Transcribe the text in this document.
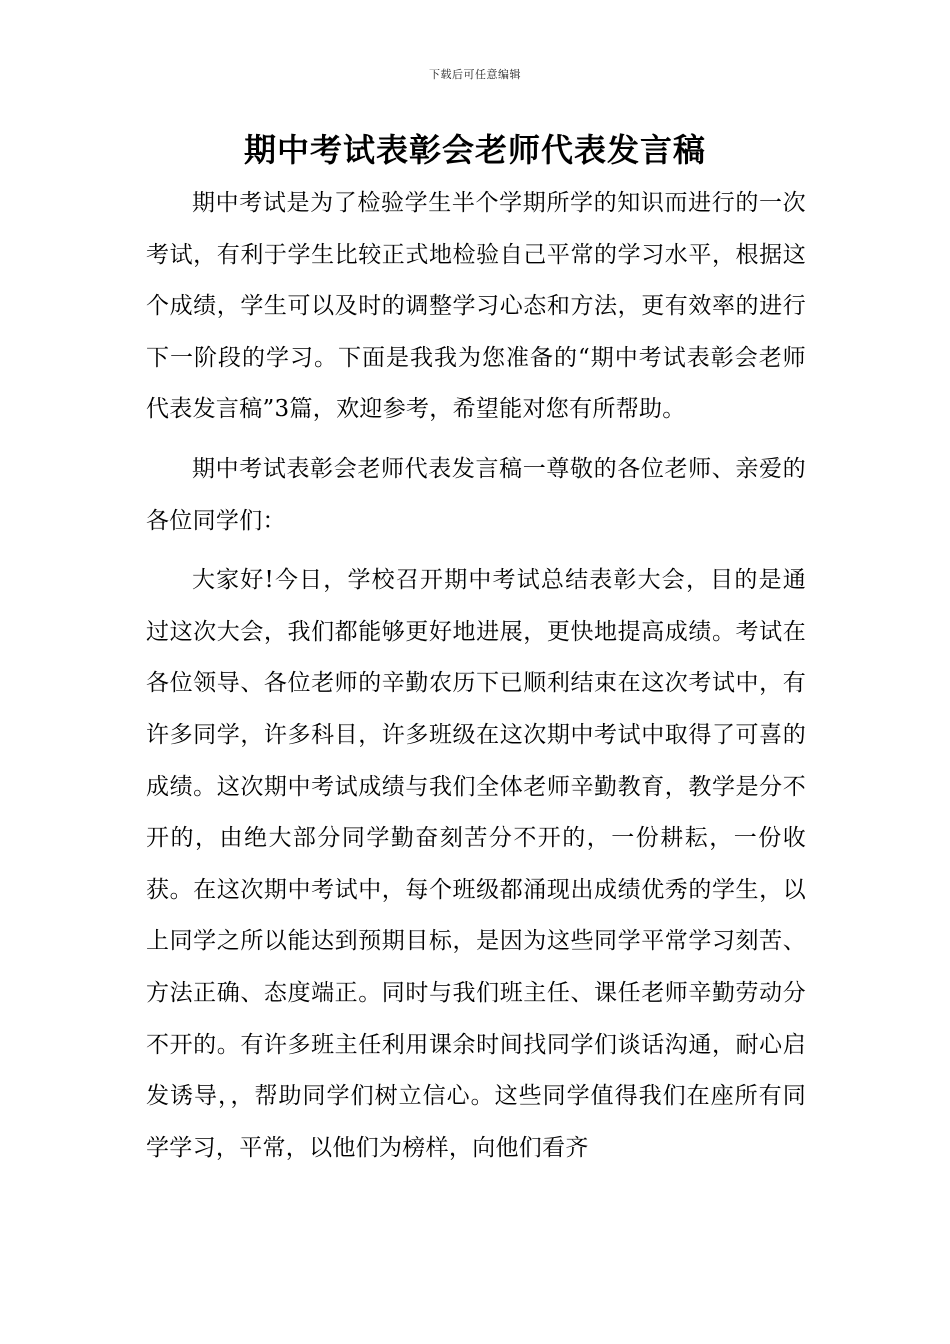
下载后可任意编辑
期中考试表彰会老师代表发言稿

期中考试是为了检验学生半个学期所学的知识而进行的一次考试，有利于学生比较正式地检验自己平常的学习水平，根据这个成绩，学生可以及时的调整学习心态和方法，更有效率的进行下一阶段的学习。下面是我我为您准备的“期中考试表彰会老师代表发言稿”3篇，欢迎参考，希望能对您有所帮助。

期中考试表彰会老师代表发言稿一尊敬的各位老师、亲爱的各位同学们：

大家好!今日，学校召开期中考试总结表彰大会，目的是通过这次大会，我们都能够更好地进展，更快地提高成绩。考试在各位领导、各位老师的辛勤农历下已顺利结束在这次考试中，有许多同学，许多科目，许多班级在这次期中考试中取得了可喜的成绩。这次期中考试成绩与我们全体老师辛勤教育，教学是分不开的，由绝大部分同学勤奋刻苦分不开的，一份耕耘，一份收获。在这次期中考试中，每个班级都涌现出成绩优秀的学生，以上同学之所以能达到预期目标，是因为这些同学平常学习刻苦、方法正确、态度端正。同时与我们班主任、课任老师辛勤劳动分不开的。有许多班主任利用课余时间找同学们谈话沟通，耐心启发诱导，，帮助同学们树立信心。这些同学值得我们在座所有同学学习，平常，以他们为榜样，向他们看齐
